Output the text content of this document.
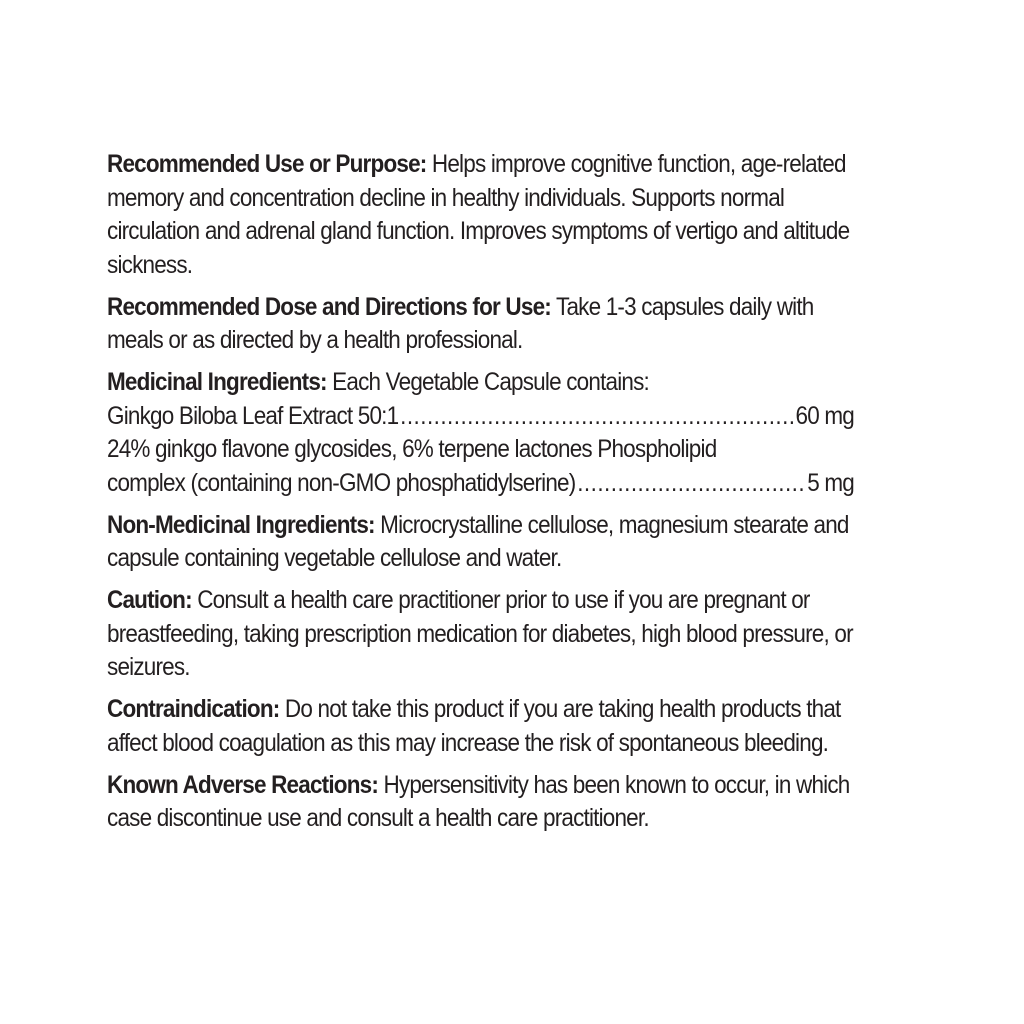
Recommended Use or Purpose: Helps improve cognitive function, age-related memory and concentration decline in healthy individuals. Supports normal circulation and adrenal gland function. Improves symptoms of vertigo and altitude sickness.

Recommended Dose and Directions for Use: Take 1-3 capsules daily with meals or as directed by a health professional.

Medicinal Ingredients: Each Vegetable Capsule contains:
Ginkgo Biloba Leaf Extract 50:1 .....	60 mg
24% ginkgo flavone glycosides, 6% terpene lactones Phospholipid
complex (containing non-GMO phosphatidylserine) .....	5 mg

Non-Medicinal Ingredients: Microcrystalline cellulose, magnesium stearate and capsule containing vegetable cellulose and water.

Caution: Consult a health care practitioner prior to use if you are pregnant or breastfeeding, taking prescription medication for diabetes, high blood pressure, or seizures.

Contraindication: Do not take this product if you are taking health products that affect blood coagulation as this may increase the risk of spontaneous bleeding.

Known Adverse Reactions: Hypersensitivity has been known to occur, in which case discontinue use and consult a health care practitioner.
